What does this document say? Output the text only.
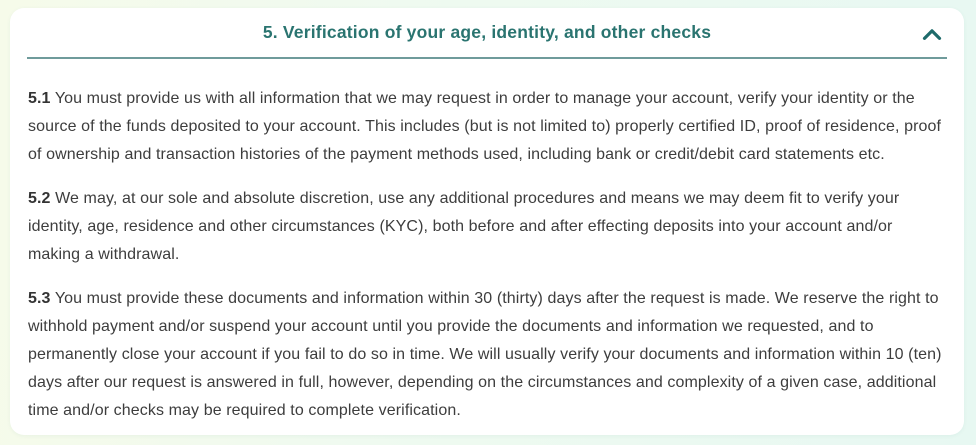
5. Verification of your age, identity, and other checks

5.1 You must provide us with all information that we may request in order to manage your account, verify your identity or the source of the funds deposited to your account. This includes (but is not limited to) properly certified ID, proof of residence, proof of ownership and transaction histories of the payment methods used, including bank or credit/debit card statements etc.

5.2 We may, at our sole and absolute discretion, use any additional procedures and means we may deem fit to verify your identity, age, residence and other circumstances (KYC), both before and after effecting deposits into your account and/or making a withdrawal.

5.3 You must provide these documents and information within 30 (thirty) days after the request is made. We reserve the right to withhold payment and/or suspend your account until you provide the documents and information we requested, and to permanently close your account if you fail to do so in time. We will usually verify your documents and information within 10 (ten) days after our request is answered in full, however, depending on the circumstances and complexity of a given case, additional time and/or checks may be required to complete verification.
